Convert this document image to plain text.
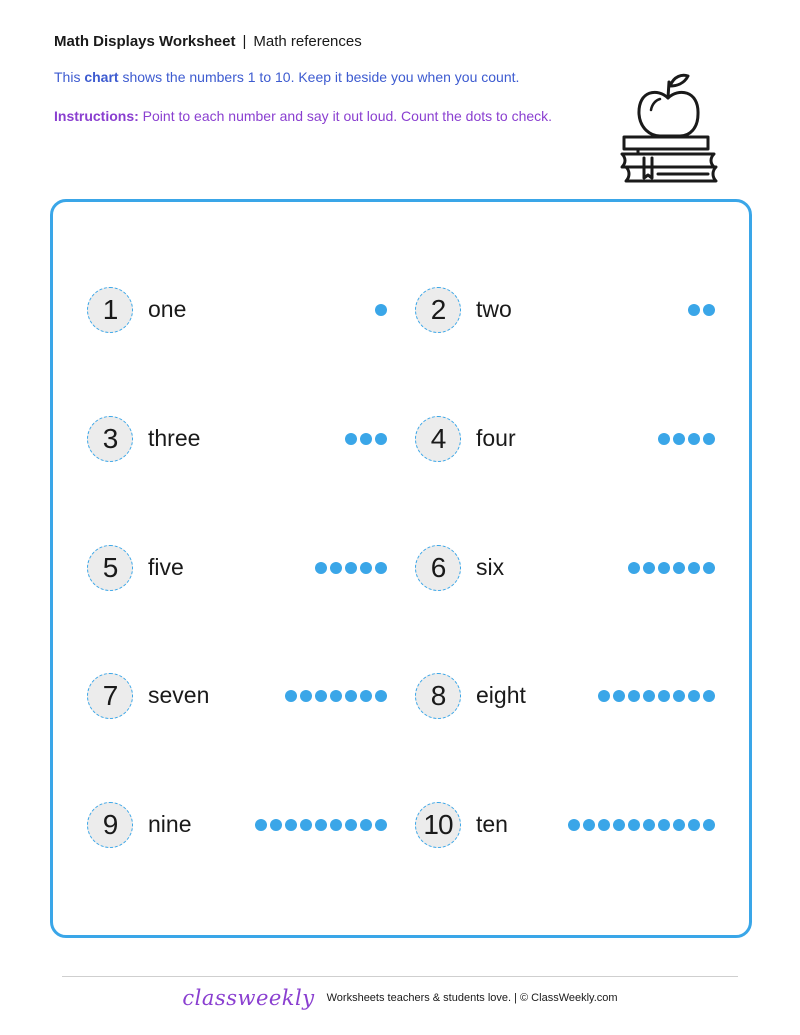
Math Displays Worksheet | Math references
This chart shows the numbers 1 to 10. Keep it beside you when you count.
Instructions: Point to each number and say it out loud. Count the dots to check.
1	one	2	two
3	three	4	four
5	five	6	six
7	seven	8	eight
9	nine	10	ten
classweekly Worksheets teachers & students love. | © ClassWeekly.com
